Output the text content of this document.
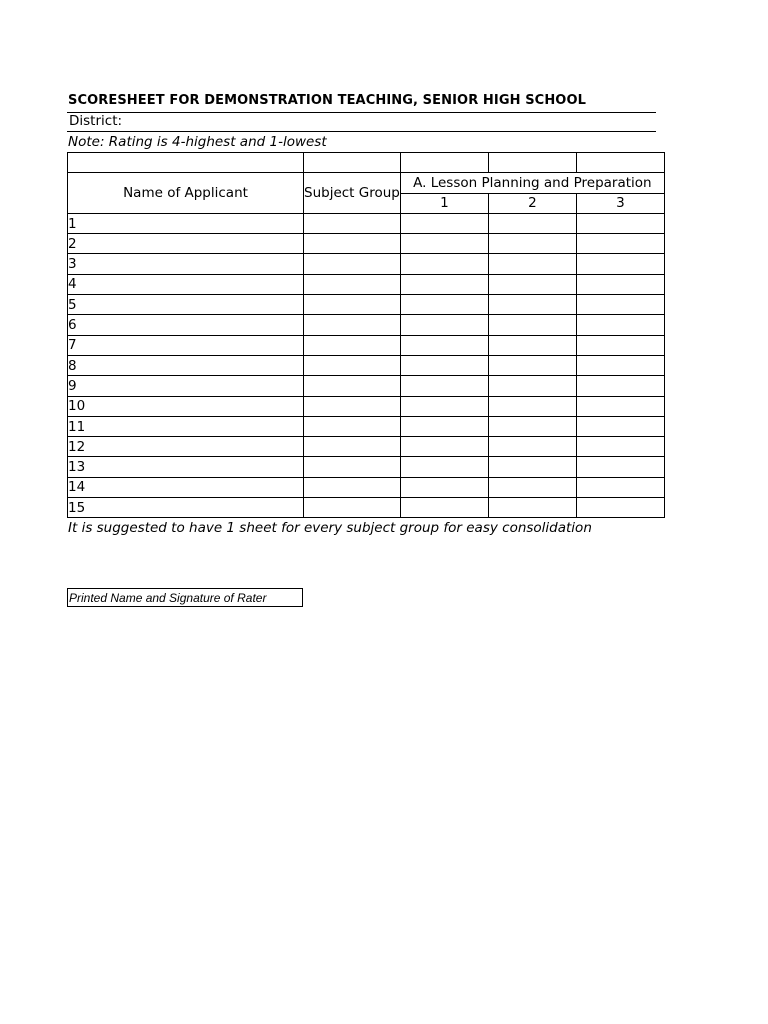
SCORESHEET FOR DEMONSTRATION TEACHING, SENIOR HIGH SCHOOL
District:
Note: Rating is 4-highest and 1-lowest

Name of Applicant	Subject Group	A. Lesson Planning and Preparation		
		1	2	3
1				
2				
3				
4				
5				
6				
7				
8				
9				
10				
11				
12				
13				
14				
15				
It is suggested to have 1 sheet for every subject group for easy consolidation
Printed Name and Signature of Rater
